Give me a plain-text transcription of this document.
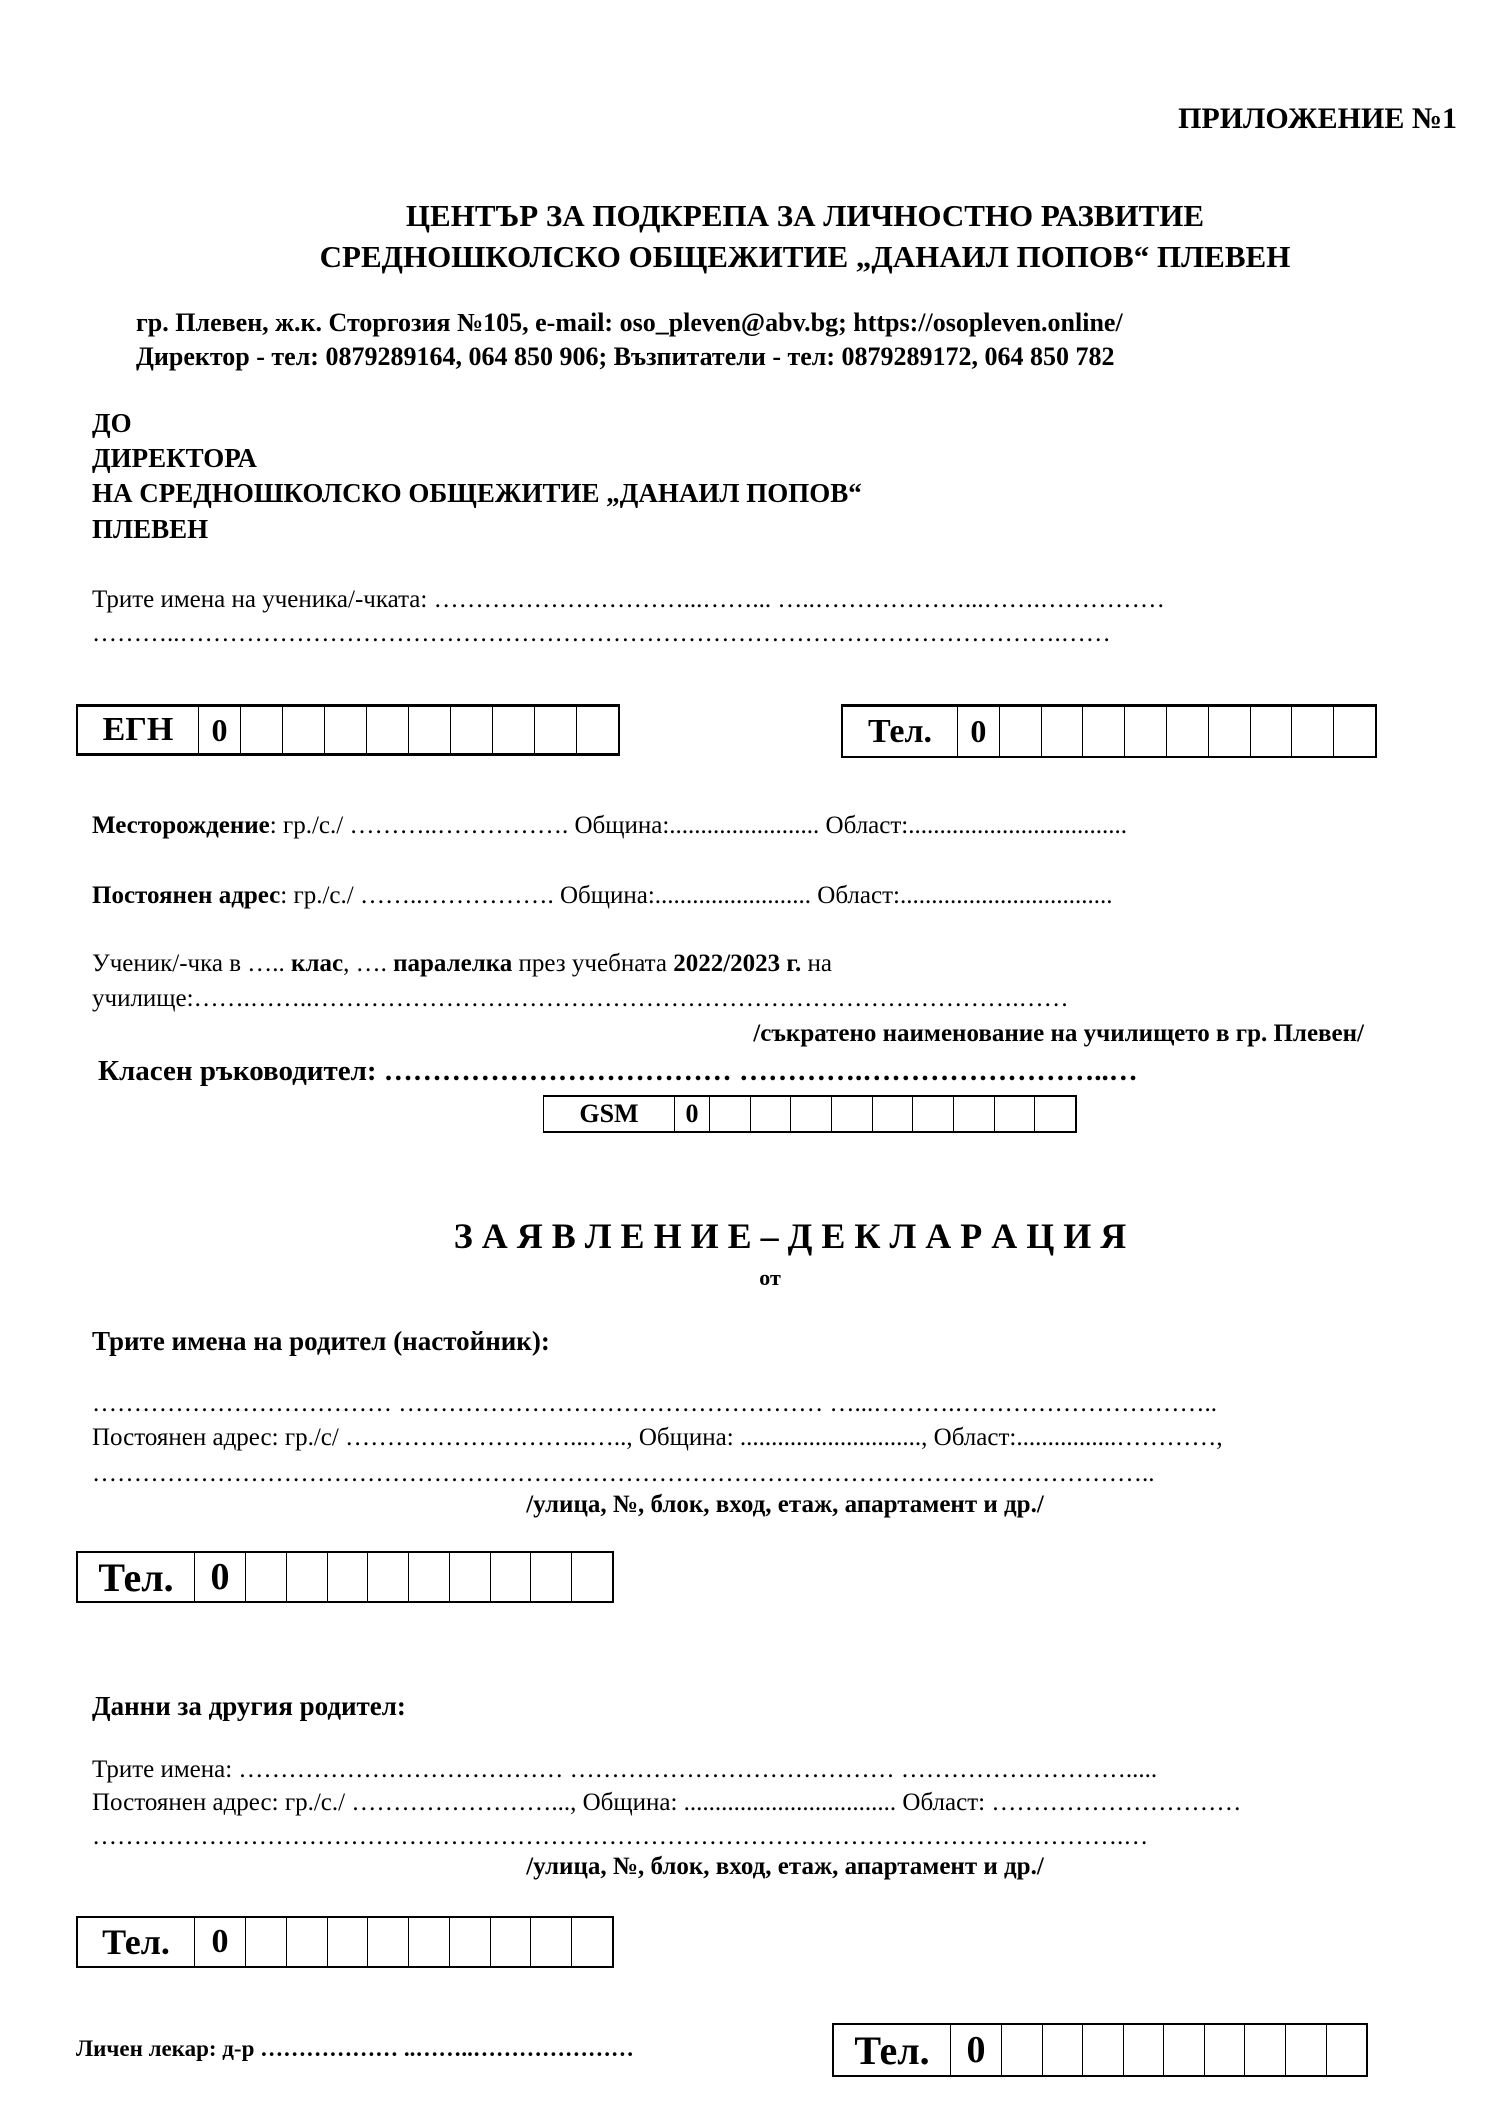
ПРИЛОЖЕНИЕ №1
ЦЕНТЪР ЗА ПОДКРЕПА ЗА ЛИЧНОСТНО РАЗВИТИЕ
СРЕДНОШКОЛСКО ОБЩЕЖИТИЕ „ДАНАИЛ ПОПОВ“ ПЛЕВЕН
гр. Плевен, ж.к. Сторгозия №105, e-mail: oso_pleven@abv.bg; https://osopleven.online/
Директор - тел: 0879289164, 064 850 906; Възпитатели - тел: 0879289172, 064 850 782
ДО
ДИРЕКТОРА
НА СРЕДНОШКОЛСКО ОБЩЕЖИТИЕ „ДАНАИЛ ПОПОВ“
ПЛЕВЕН
Трите имена на ученика/-чката: …………………………...……... …..………………...…….……………
………..…………………………………………………………………………………………….……
ЕГН	0	Тел.	0
Месторождение: гр./с./ ………..……………. Община:........................ Област:...................................
Постоянен адрес: гр./с./ ……..……………. Община:......................... Област:..................................
Ученик/-чка в ….. клас, …. паралелка през учебната 2022/2023 г. на
училище:…….……..………………………………………………………………………….……
/съкратено наименование на училището в гр. Плевен/
Класен ръководител: ……………………………… ………….……………………..…
GSM	0
З А Я В Л Е Н И Е – Д Е К Л А Р А Ц И Я
от
Трите имена на родител (настойник):
……………………………… …………………………………………… …...……….…………………………..
Постоянен адрес: гр./с/ ………………………...….., Община: ............................., Област:................…………,
………………………………………………………………………………………………………………..
/улица, №, блок, вход, етаж, апартамент и др./
Тел. 0
Данни за другия родител:
Трите имена: ………………………………… ………………………………… ……………………….....
Постоянен адрес: гр./с./ ……………………..., Община: .................................. Област: …………………………
…………………………………………………………………………………………………………….…
/улица, №, блок, вход, етаж, апартамент и др./
Тел.	0
Личен лекар: д-р ……………… ..……..…………………	Тел. 0
